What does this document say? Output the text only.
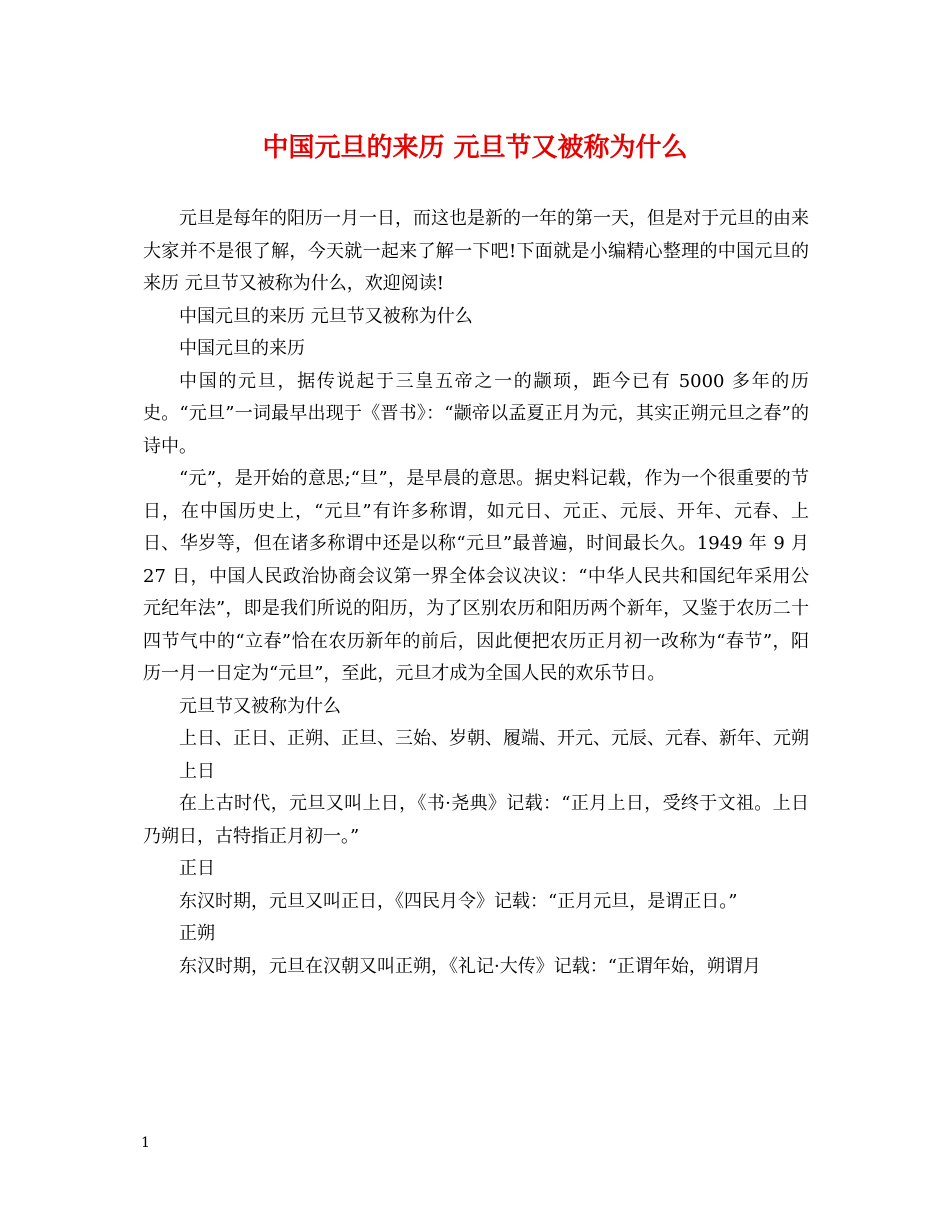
中国元旦的来历 元旦节又被称为什么

元旦是每年的阳历一月一日，而这也是新的一年的第一天，但是对于元旦的由来大家并不是很了解，今天就一起来了解一下吧!下面就是小编精心整理的中国元旦的来历 元旦节又被称为什么，欢迎阅读!

中国元旦的来历 元旦节又被称为什么

中国元旦的来历

中国的元旦，据传说起于三皇五帝之一的颛顼，距今已有 5000 多年的历史。“元旦”一词最早出现于《晋书》：“颛帝以孟夏正月为元，其实正朔元旦之春”的诗中。

“元”，是开始的意思;“旦”，是早晨的意思。据史料记载，作为一个很重要的节日，在中国历史上，“元旦”有许多称谓，如元日、元正、元辰、开年、元春、上日、华岁等，但在诸多称谓中还是以称“元旦”最普遍，时间最长久。1949 年 9 月 27 日，中国人民政治协商会议第一界全体会议决议：“中华人民共和国纪年采用公元纪年法”，即是我们所说的阳历，为了区别农历和阳历两个新年，又鉴于农历二十四节气中的“立春”恰在农历新年的前后，因此便把农历正月初一改称为“春节”，阳历一月一日定为“元旦”，至此，元旦才成为全国人民的欢乐节日。

元旦节又被称为什么

上日、正日、正朔、正旦、三始、岁朝、履端、开元、元辰、元春、新年、元朔

上日

在上古时代，元旦又叫上日，《书·尧典》记载：“正月上日，受终于文祖。上日乃朔日，古特指正月初一。”

正日

东汉时期，元旦又叫正日，《四民月令》记载：“正月元旦，是谓正日。”

正朔

东汉时期，元旦在汉朝又叫正朔，《礼记·大传》记载：“正谓年始，朔谓月

1
